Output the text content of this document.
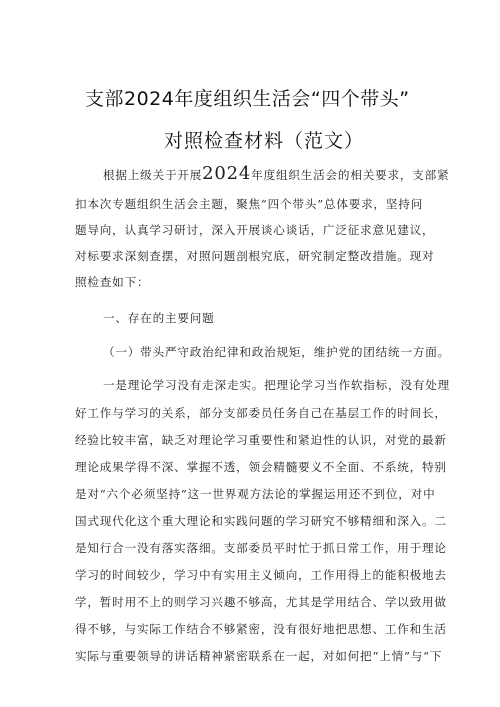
支部2024年度组织生活会“四个带头”
对照检查材料（范文）
根据上级关于开展2024年度组织生活会的相关要求，支部紧
扣本次专题组织生活会主题，聚焦“四个带头”总体要求，坚持问
题导向，认真学习研讨，深入开展谈心谈话，广泛征求意见建议，
对标要求深刻查摆，对照问题剖根究底，研究制定整改措施。现对
照检查如下：
一、存在的主要问题
（一）带头严守政治纪律和政治规矩，维护党的团结统一方面。
一是理论学习没有走深走实。把理论学习当作软指标，没有处理
好工作与学习的关系，部分支部委员任务自己在基层工作的时间长，
经验比较丰富，缺乏对理论学习重要性和紧迫性的认识，对党的最新
理论成果学得不深、掌握不透，领会精髓要义不全面、不系统，特别
是对“六个必须坚持”这一世界观方法论的掌握运用还不到位，对中
国式现代化这个重大理论和实践问题的学习研究不够精细和深入。二
是知行合一没有落实落细。支部委员平时忙于抓日常工作，用于理论
学习的时间较少，学习中有实用主义倾向，工作用得上的能积极地去
学，暂时用不上的则学习兴趣不够高，尤其是学用结合、学以致用做
得不够，与实际工作结合不够紧密，没有很好地把思想、工作和生活
实际与重要领导的讲话精神紧密联系在一起，对如何把“上情”与“下
